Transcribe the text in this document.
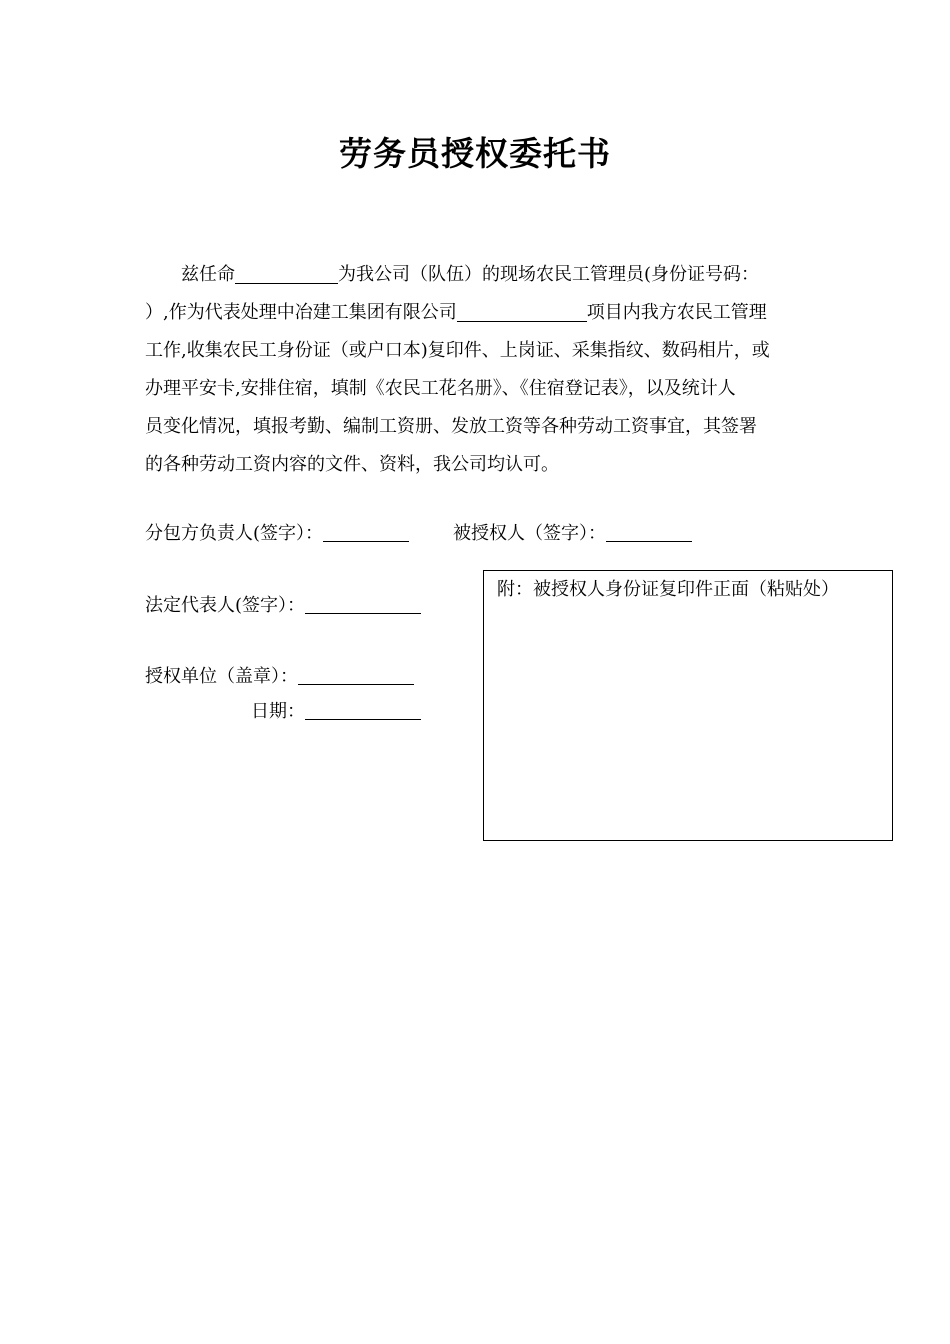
劳务员授权委托书
兹任命	为我公司（队伍）的现场农民工管理员(身份证号码：
）,作为代表处理中冶建工集团有限公司	项目内我方农民工管理
工作,收集农民工身份证（或户口本)复印件、上岗证、采集指纹、数码相片，或
办理平安卡,安排住宿，填制《农民工花名册》、《住宿登记表》，以及统计人
员变化情况，填报考勤、编制工资册、发放工资等各种劳动工资事宜，其签署
的各种劳动工资内容的文件、资料，我公司均认可。
分包方负责人(签字）：	被授权人（签字）：
法定代表人(签字）：
授权单位（盖章）：
日期：
附：被授权人身份证复印件正面（粘贴处）
